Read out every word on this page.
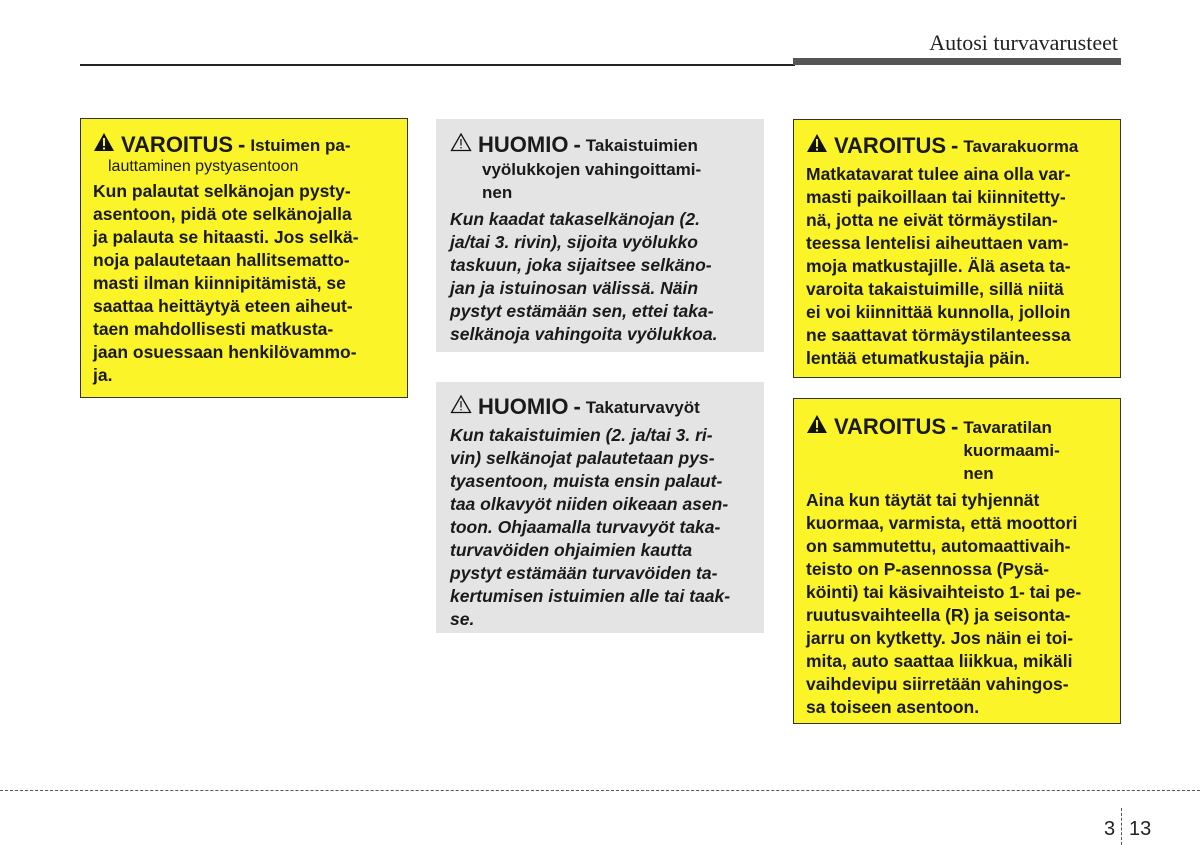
Autosi turvavarusteet
VAROITUS - Istuimen pa-
lauttaminen pystyasentoon
Kun palautat selkänojan pysty-
asentoon, pidä ote selkänojalla
ja palauta se hitaasti. Jos selkä-
noja palautetaan hallitsematto-
masti ilman kiinnipitämistä, se
saattaa heittäytyä eteen aiheut-
taen mahdollisesti matkusta-
jaan osuessaan henkilövammo-
ja.
HUOMIO - Takaistuimien
vyölukkojen vahingoittami-
nen
Kun kaadat takaselkänojan (2.
ja/tai 3. rivin), sijoita vyölukko
taskuun, joka sijaitsee selkäno-
jan ja istuinosan välissä. Näin
pystyt estämään sen, ettei taka-
selkänoja vahingoita vyölukkoa.
HUOMIO - Takaturvavyöt
Kun takaistuimien (2. ja/tai 3. ri-
vin) selkänojat palautetaan pys-
tyasentoon, muista ensin palaut-
taa olkavyöt niiden oikeaan asen-
toon. Ohjaamalla turvavyöt taka-
turvavöiden ohjaimien kautta
pystyt estämään turvavöiden ta-
kertumisen istuimien alle tai taak-
se.
VAROITUS - Tavarakuorma
Matkatavarat tulee aina olla var-
masti paikoillaan tai kiinnitetty-
nä, jotta ne eivät törmäystilan-
teessa lentelisi aiheuttaen vam-
moja matkustajille. Älä aseta ta-
varoita takaistuimille, sillä niitä
ei voi kiinnittää kunnolla, jolloin
ne saattavat törmäystilanteessa
lentää etumatkustajia päin.
VAROITUS - Tavaratilan
kuormaami-
nen
Aina kun täytät tai tyhjennät
kuormaa, varmista, että moottori
on sammutettu, automaattivaih-
teisto on P-asennossa (Pysä-
köinti) tai käsivaihteisto 1- tai pe-
ruutusvaihteella (R) ja seisonta-
jarru on kytketty. Jos näin ei toi-
mita, auto saattaa liikkua, mikäli
vaihdevipu siirretään vahingos-
sa toiseen asentoon.
3 13
